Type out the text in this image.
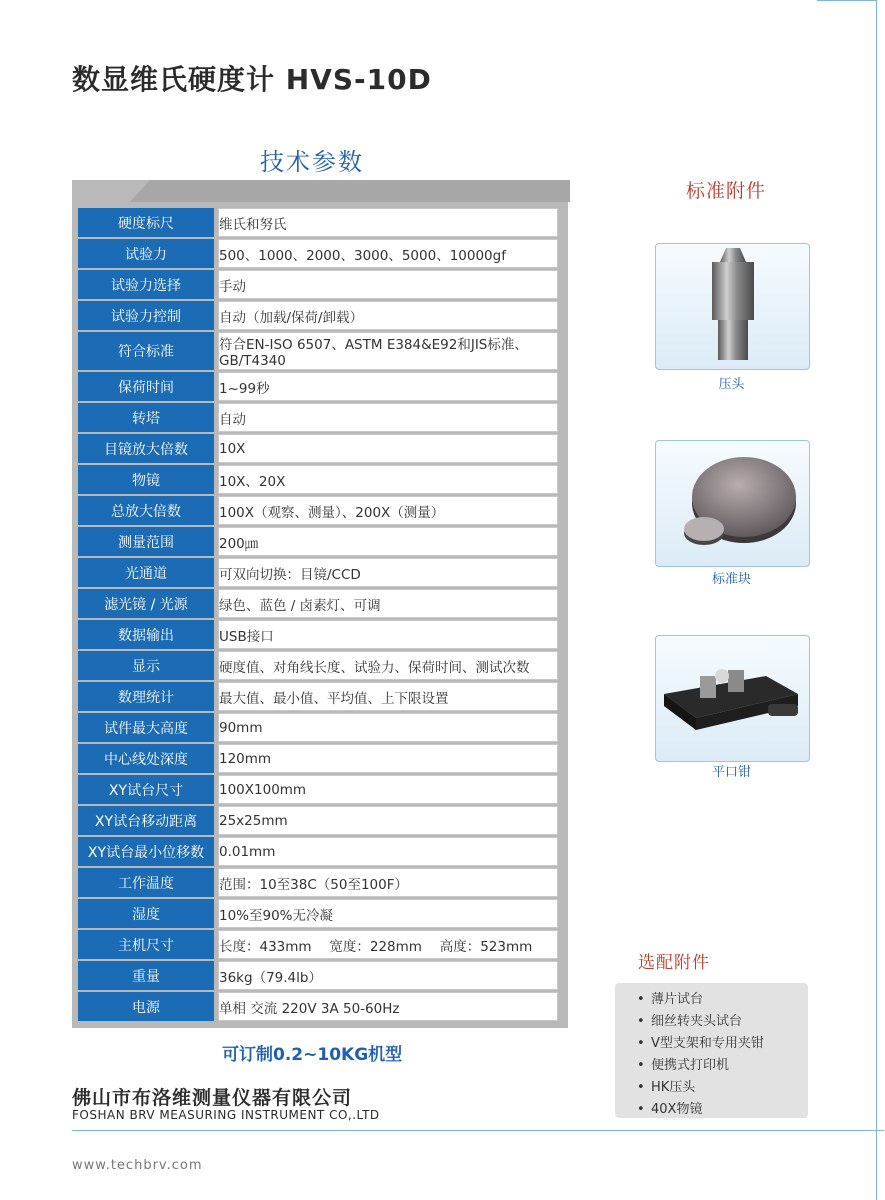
数显维氏硬度计 HVS-10D
技术参数
硬度标尺		维氏和努氏
试验力		500、1000、2000、3000、5000、10000gf
试验力选择		手动
试验力控制		自动（加载/保荷/卸载）
符合标准		符合EN-ISO 6507、ASTM E384&E92和JIS标准、GB/T4340
保荷时间		1~99秒
转塔		自动
目镜放大倍数		10X
物镜		10X、20X
总放大倍数		100X（观察、测量）、200X（测量）
测量范围		200㎛
光通道		可双向切换：目镜/CCD
滤光镜 / 光源		绿色、蓝色 / 卤素灯、可调
数据输出		USB接口
显示		硬度值、对角线长度、试验力、保荷时间、测试次数
数理统计		最大值、最小值、平均值、上下限设置
试件最大高度		90mm
中心线处深度		120mm
XY试台尺寸		100X100mm
XY试台移动距离		25x25mm
XY试台最小位移数		0.01mm
工作温度		范围：10至38C（50至100F）
湿度		10%至90%无冷凝
主机尺寸		长度：433mm　 宽度：228mm　 高度：523mm
重量		36kg（79.4lb）
电源		单相 交流 220V 3A 50-60Hz
可订制0.2~10KG机型
佛山市布洛维测量仪器有限公司
FOSHAN BRV MEASURING INSTRUMENT CO,.LTD
www.techbrv.com
标准附件
压头
标准块
平口钳
选配附件
• 薄片试台
• 细丝转夹头试台
• V型支架和专用夹钳
• 便携式打印机
• HK压头
• 40X物镜
